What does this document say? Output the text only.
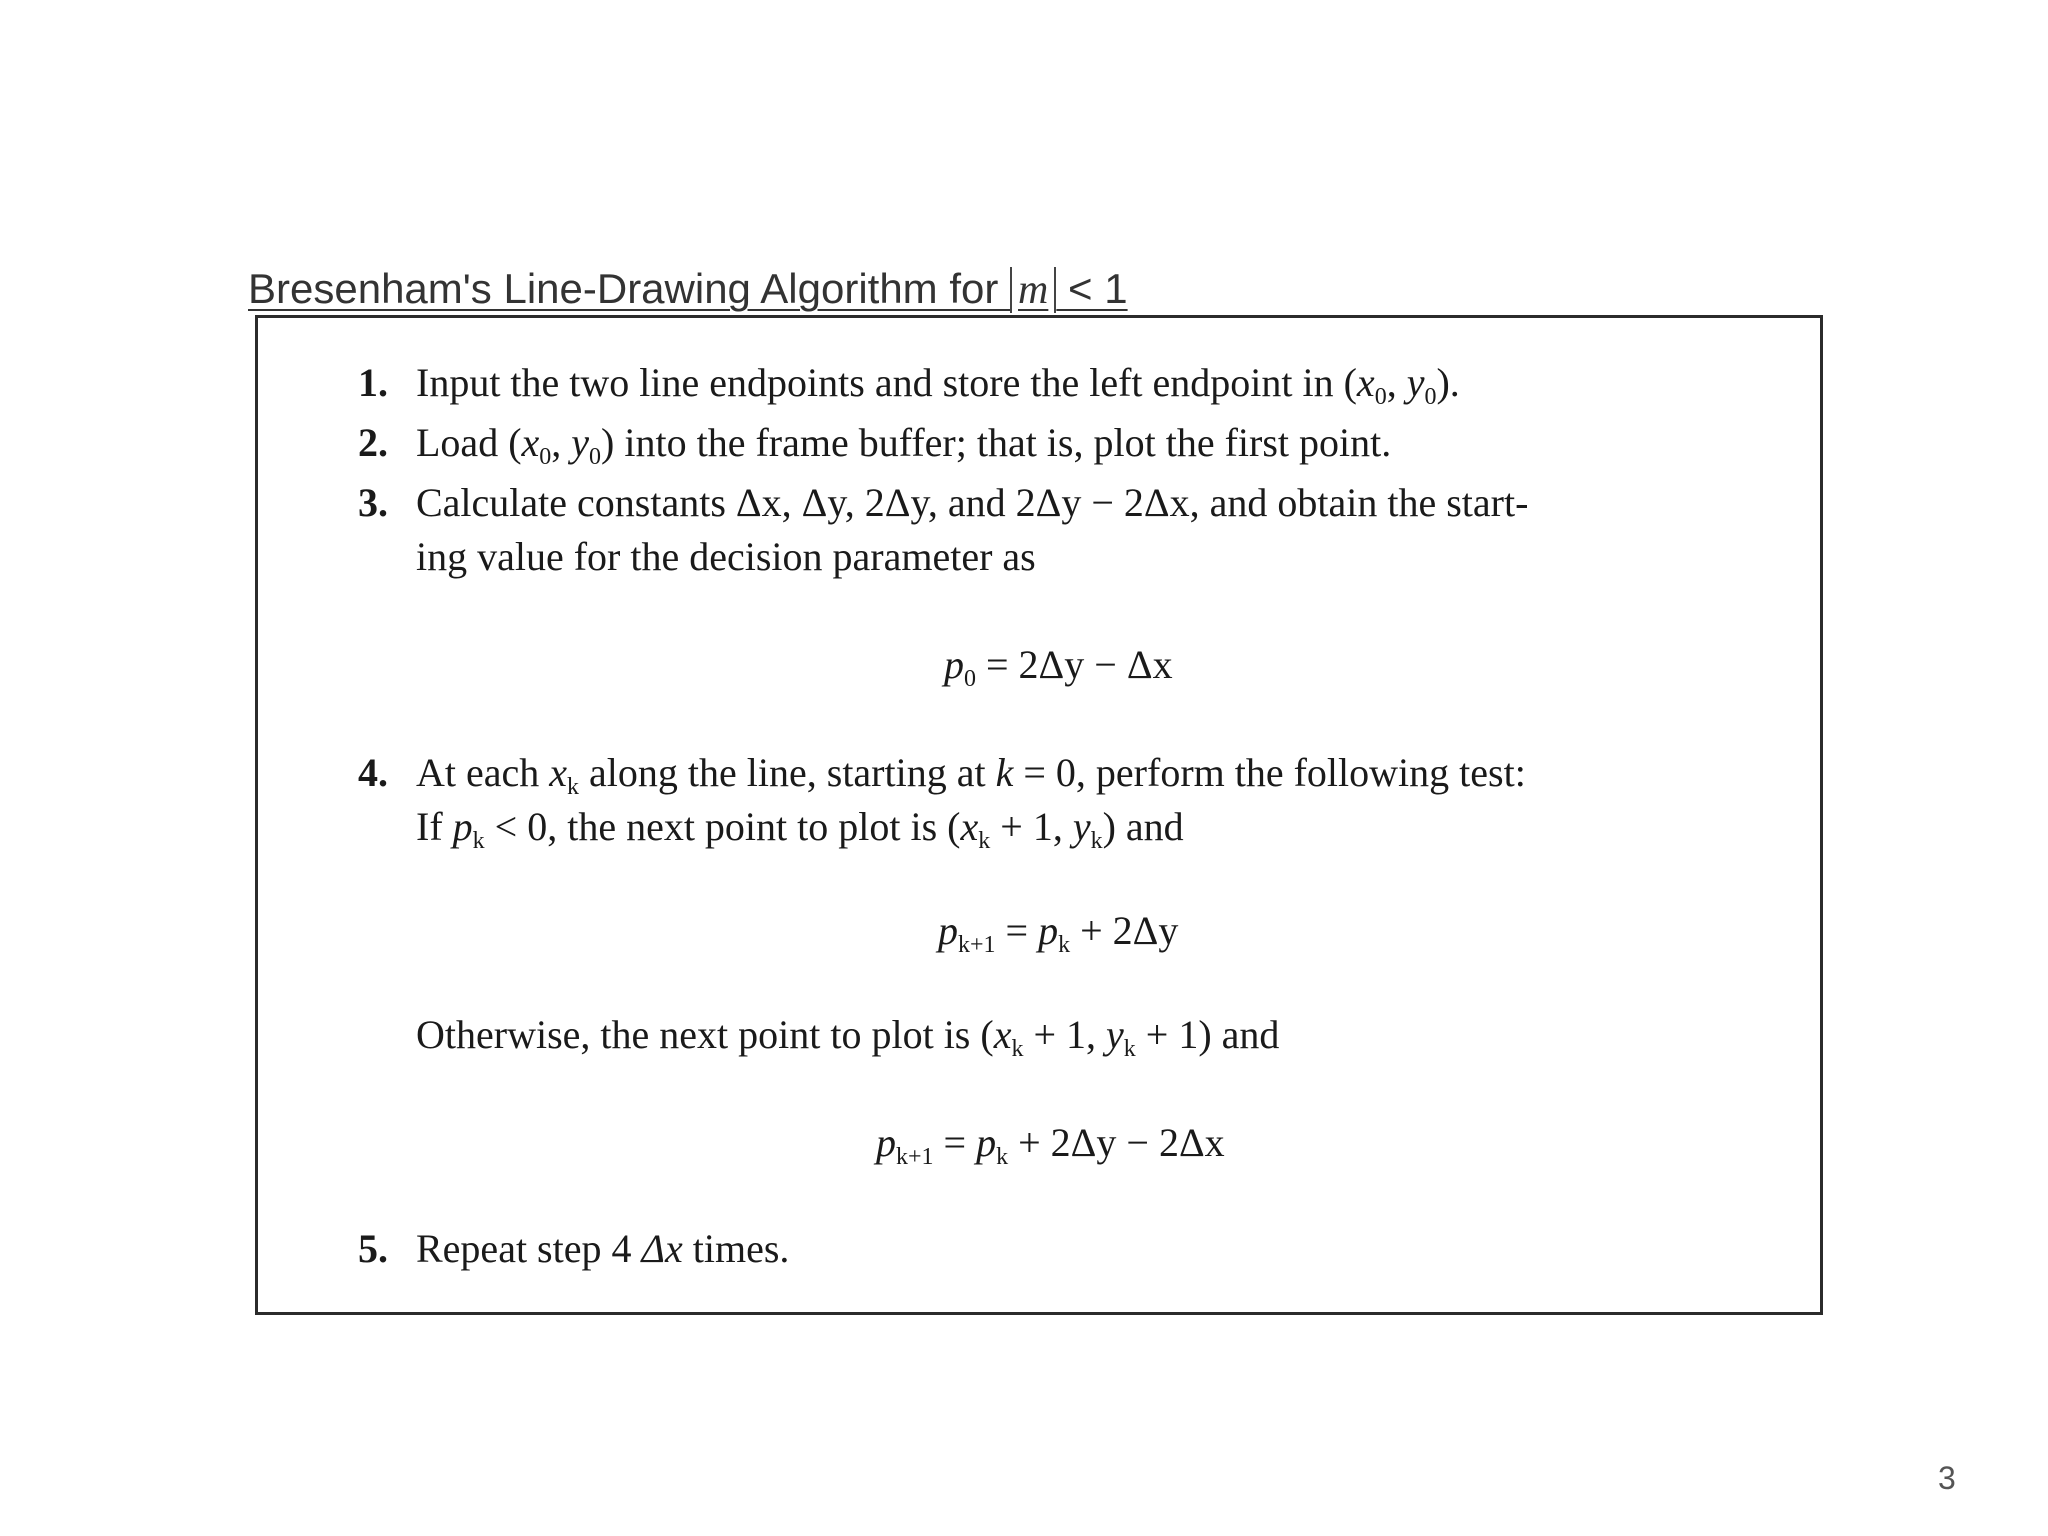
Bresenham's Line-Drawing Algorithm for m < 1
1. Input the two line endpoints and store the left endpoint in ($x_0$, $y_0$).
2. Load ($x_0$, $y_0$) into the frame buffer; that is, plot the first point.
3. Calculate constants Δx, Δy, 2Δy, and 2Δy − 2Δx, and obtain the start-
ing value for the decision parameter as
$p_0 = 2\Delta y - \Delta x$
4. At each $x_k$ along the line, starting at k = 0, perform the following test:
If $p_k < 0$, the next point to plot is ($x_k + 1$, $y_k$) and
$p_{k+1} = p_k + 2\Delta y$
Otherwise, the next point to plot is ($x_k + 1$, $y_k + 1$) and
$p_{k+1} = p_k + 2\Delta y - 2\Delta x$
5. Repeat step 4 Δx times.
3
